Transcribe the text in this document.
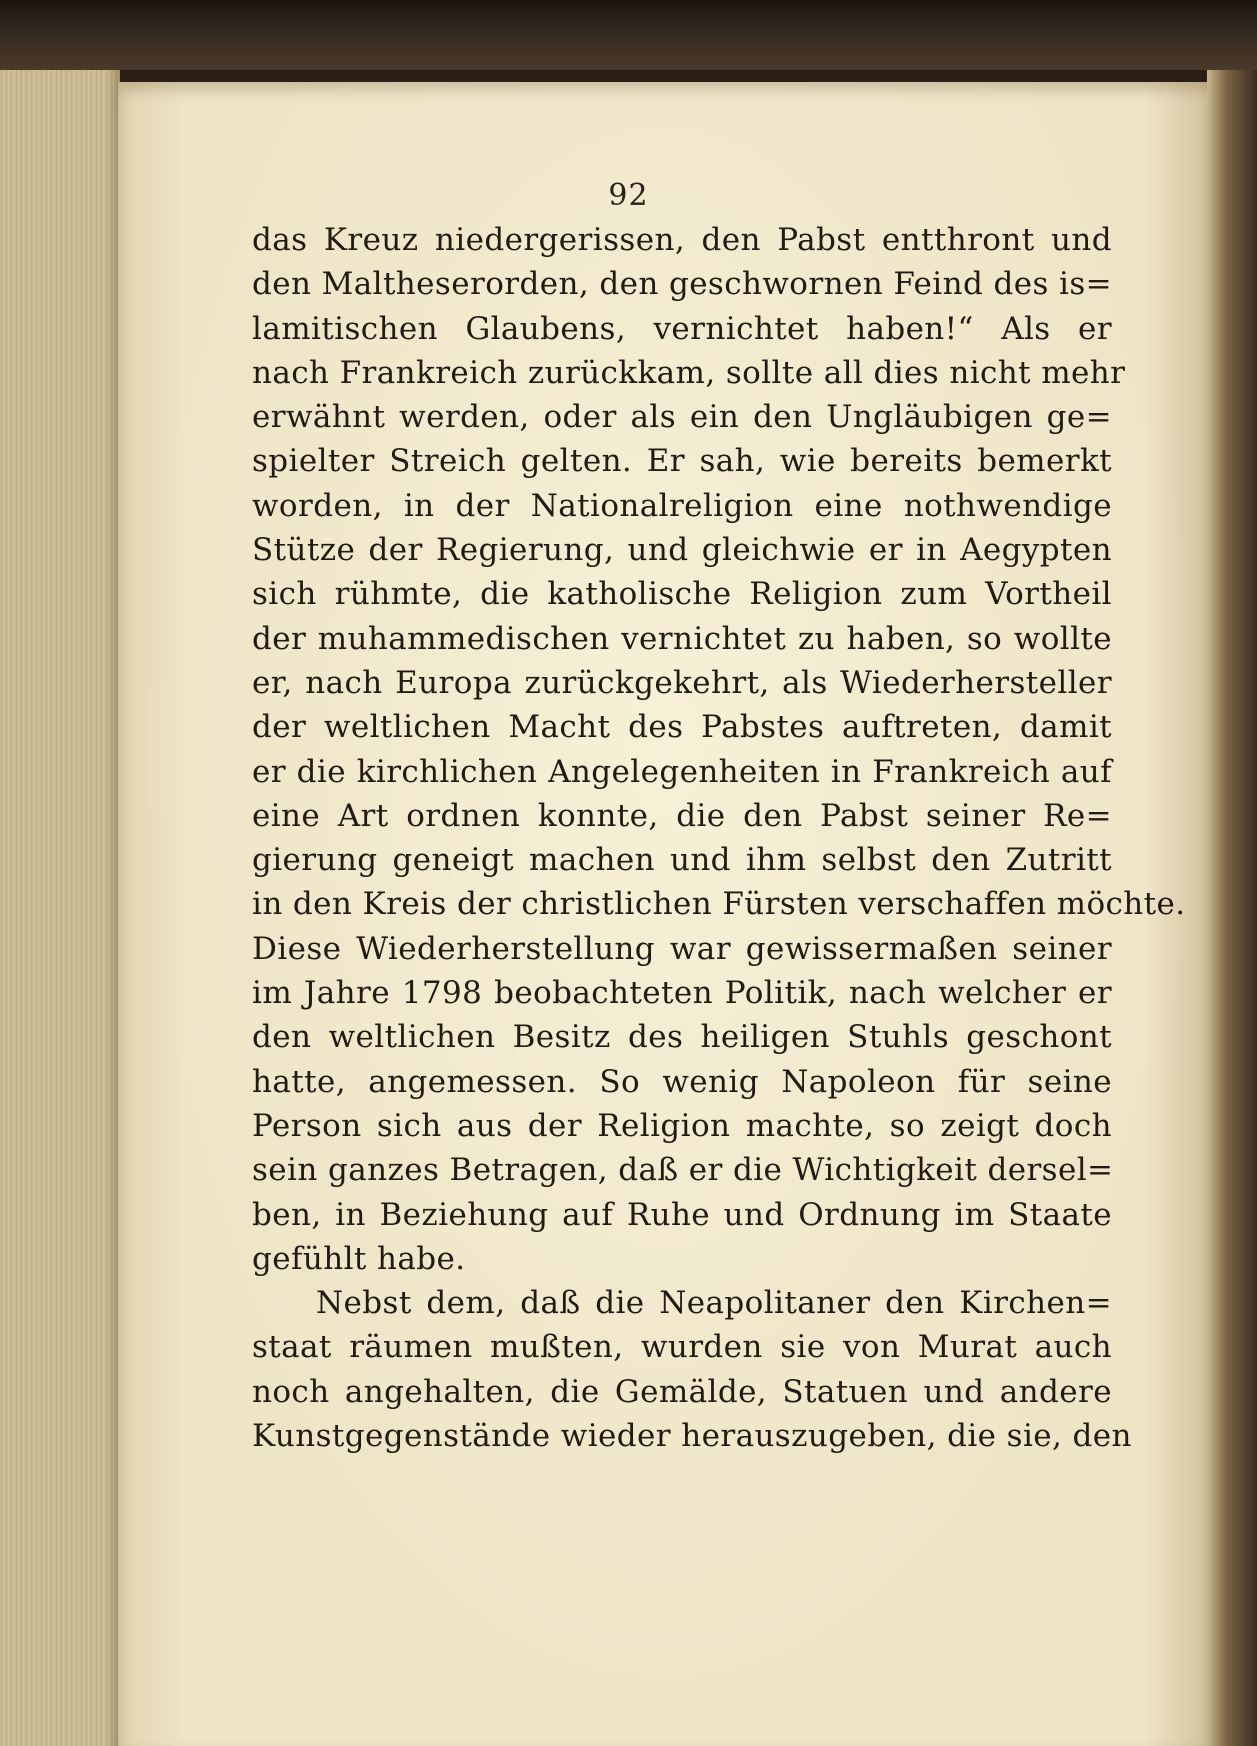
92
das Kreuz niedergerissen, den Pabst entthront und
den Maltheserorden, den geschwornen Feind des is=
lamitischen Glaubens, vernichtet haben!“ Als er
nach Frankreich zurückkam, sollte all dies nicht mehr
erwähnt werden, oder als ein den Ungläubigen ge=
spielter Streich gelten. Er sah, wie bereits bemerkt
worden, in der Nationalreligion eine nothwendige
Stütze der Regierung, und gleichwie er in Aegypten
sich rühmte, die katholische Religion zum Vortheil
der muhammedischen vernichtet zu haben, so wollte
er, nach Europa zurückgekehrt, als Wiederhersteller
der weltlichen Macht des Pabstes auftreten, damit
er die kirchlichen Angelegenheiten in Frankreich auf
eine Art ordnen konnte, die den Pabst seiner Re=
gierung geneigt machen und ihm selbst den Zutritt
in den Kreis der christlichen Fürsten verschaffen möchte.
Diese Wiederherstellung war gewissermaßen seiner
im Jahre 1798 beobachteten Politik, nach welcher er
den weltlichen Besitz des heiligen Stuhls geschont
hatte, angemessen. So wenig Napoleon für seine
Person sich aus der Religion machte, so zeigt doch
sein ganzes Betragen, daß er die Wichtigkeit dersel=
ben, in Beziehung auf Ruhe und Ordnung im Staate
gefühlt habe.
Nebst dem, daß die Neapolitaner den Kirchen=
staat räumen mußten, wurden sie von Murat auch
noch angehalten, die Gemälde, Statuen und andere
Kunstgegenstände wieder herauszugeben, die sie, den
